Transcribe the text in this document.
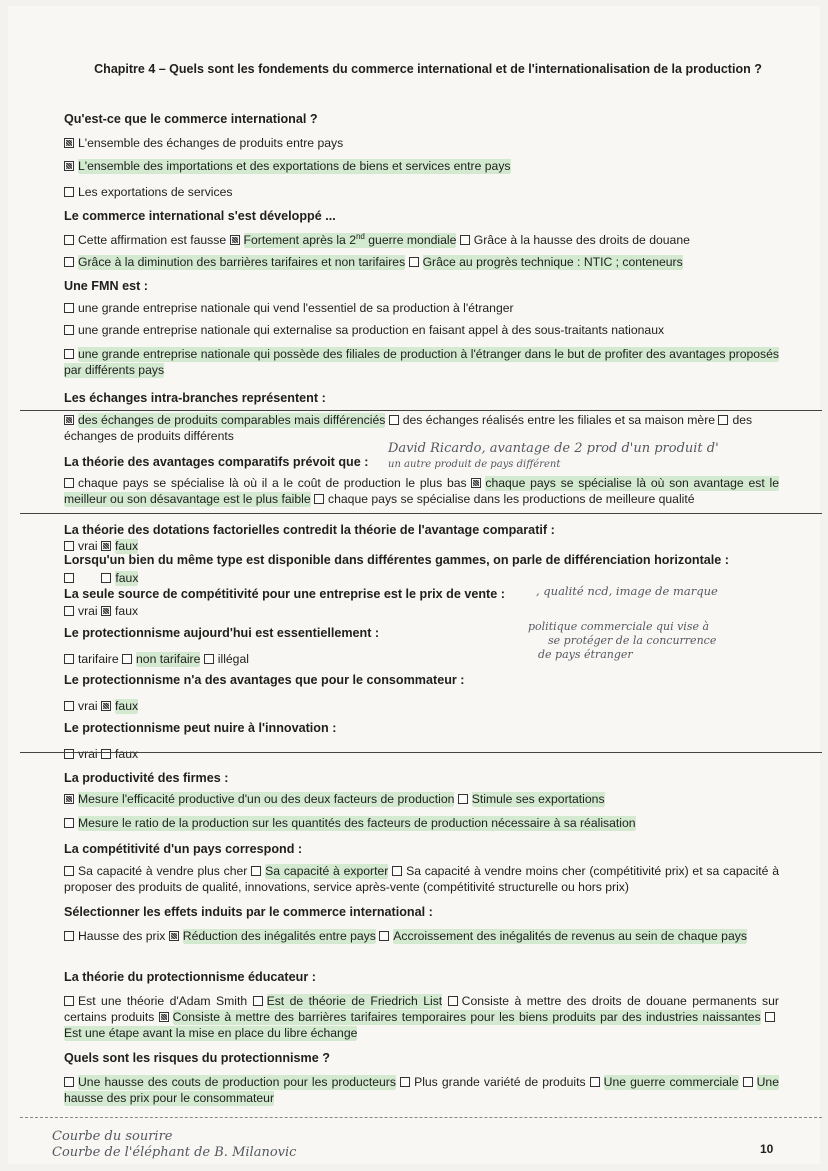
Chapitre 4 – Quels sont les fondements du commerce international et de l'internationalisation de la production ?
Qu'est-ce que le commerce international ?
L'ensemble des échanges de produits entre pays
L'ensemble des importations et des exportations de biens et services entre pays
Les exportations de services
Le commerce international s'est développé ...
Cette affirmation est fausse Fortement après la 2nd guerre mondiale Grâce à la hausse des droits de douane
Grâce à la diminution des barrières tarifaires et non tarifaires Grâce au progrès technique : NTIC ; conteneurs
Une FMN est :
une grande entreprise nationale qui vend l'essentiel de sa production à l'étranger
une grande entreprise nationale qui externalise sa production en faisant appel à des sous-traitants nationaux
une grande entreprise nationale qui possède des filiales de production à l'étranger dans le but de profiter des avantages proposés par différents pays
Les échanges intra-branches représentent :
des échanges de produits comparables mais différenciés des échanges réalisés entre les filiales et sa maison mère des échanges de produits différents
La théorie des avantages comparatifs prévoit que :
David Ricardo, avantage de 2 prod d'un produit d'
un autre produit de pays différent
chaque pays se spécialise là où il a le coût de production le plus bas chaque pays se spécialise là où son avantage est le meilleur ou son désavantage est le plus faible chaque pays se spécialise dans les productions de meilleure qualité
La théorie des dotations factorielles contredit la théorie de l'avantage comparatif :
vrai faux
Lorsqu'un bien du même type est disponible dans différentes gammes, on parle de différenciation horizontale :
faux
La seule source de compétitivité pour une entreprise est le prix de vente :	, qualité ncd, image de marque
vrai faux
Le protectionnisme aujourd'hui est essentiellement :	politique commerciale qui vise à
se protéger de la concurrence
de pays étranger
tarifaire non tarifaire illégal
Le protectionnisme n'a des avantages que pour le consommateur :
vrai faux
Le protectionnisme peut nuire à l'innovation :
vrai faux
La productivité des firmes :
Mesure l'efficacité productive d'un ou des deux facteurs de production Stimule ses exportations
Mesure le ratio de la production sur les quantités des facteurs de production nécessaire à sa réalisation
La compétitivité d'un pays correspond :
Sa capacité à vendre plus cher Sa capacité à exporter Sa capacité à vendre moins cher (compétitivité prix) et sa capacité à proposer des produits de qualité, innovations, service après-vente (compétitivité structurelle ou hors prix)
Sélectionner les effets induits par le commerce international :
Hausse des prix Réduction des inégalités entre pays Accroissement des inégalités de revenus au sein de chaque pays
La théorie du protectionnisme éducateur :
Est une théorie d'Adam Smith Est de théorie de Friedrich List Consiste à mettre des droits de douane permanents sur certains produits Consiste à mettre des barrières tarifaires temporaires pour les biens produits par des industries naissantes Est une étape avant la mise en place du libre échange
Quels sont les risques du protectionnisme ?
Une hausse des couts de production pour les producteurs Plus grande variété de produits Une guerre commerciale Une hausse des prix pour le consommateur
Courbe du sourire
Courbe de l'éléphant de B. Milanovic	10
